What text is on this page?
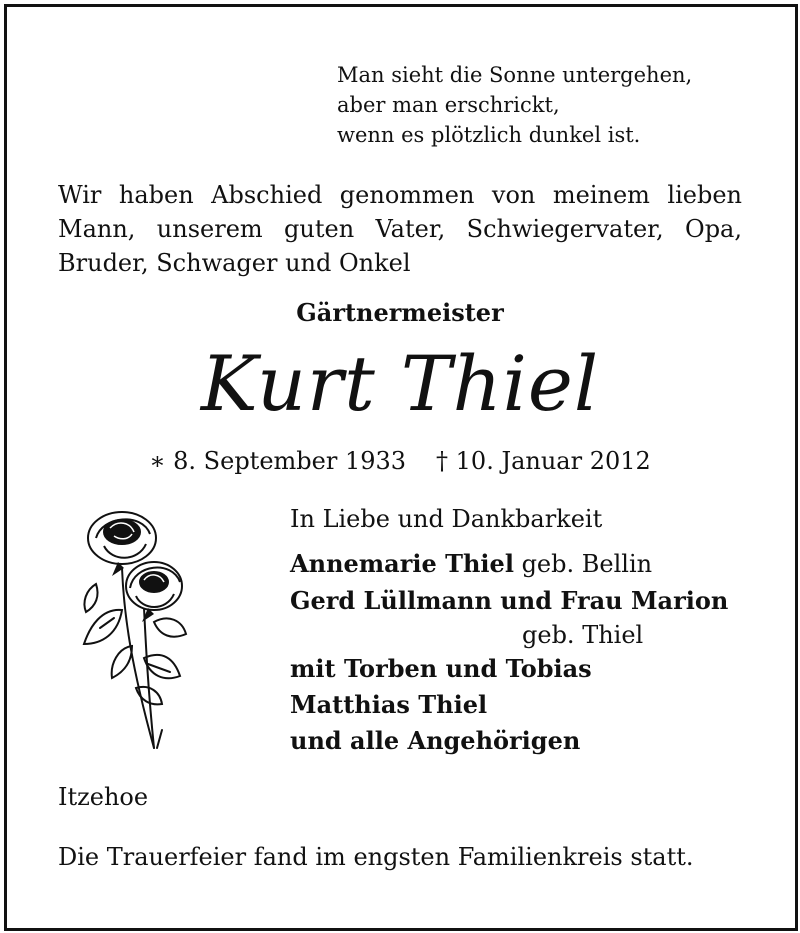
Man sieht die Sonne untergehen,
aber man erschrickt,
wenn es plötzlich dunkel ist.
Wir haben Abschied genommen von meinem lieben
Mann, unserem guten Vater, Schwiegervater, Opa,
Bruder, Schwager und Onkel
Gärtnermeister
Kurt Thiel
∗ 8. September 1933 † 10. Januar 2012
In Liebe und Dankbarkeit
Annemarie Thiel geb. Bellin
Gerd Lüllmann und Frau Marion
geb. Thiel
mit Torben und Tobias
Matthias Thiel
und alle Angehörigen
Itzehoe
Die Trauerfeier fand im engsten Familienkreis statt.
